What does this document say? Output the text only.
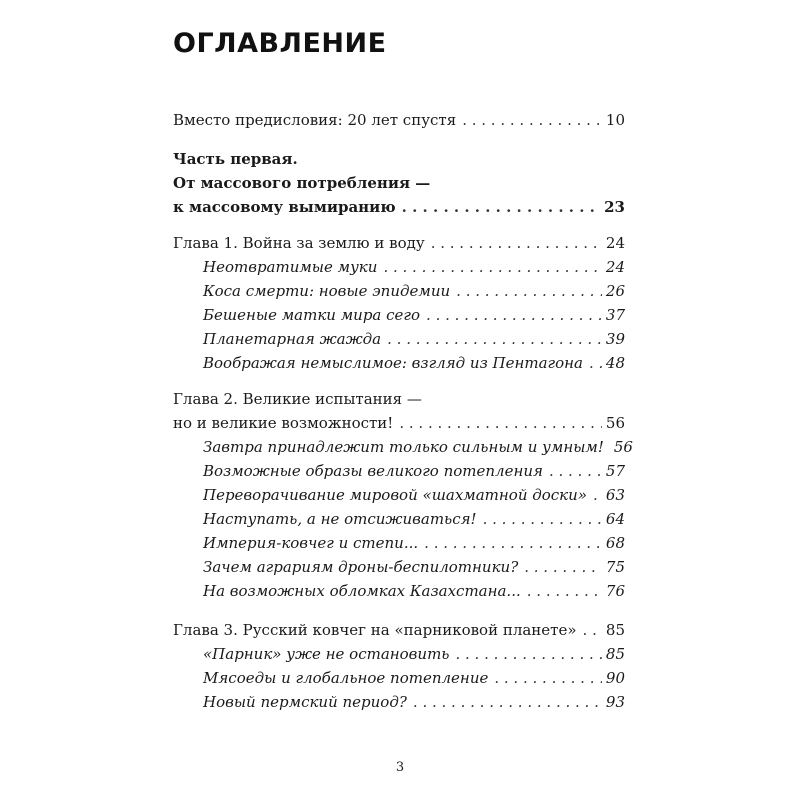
ОГЛАВЛЕНИЕ
Вместо предисловия: 20 лет спустя . . .	10
Часть первая.
От массового потребления —
к массовому вымиранию . . .	23
Глава 1. Война за землю и воду . . .	24
Неотвратимые муки . . .	24
Коса смерти: новые эпидемии . . .	26
Бешеные матки мира сего . . .	37
Планетарная жажда . . .	39
Воображая немыслимое: взгляд из Пентагона . . . 48
Глава 2. Великие испытания —
но и великие возможности! . . .	56
Завтра принадлежит только сильным и умным! 56
Возможные образы великого потепления . . .	57
Переворачивание мировой «шахматной доски» . . . 63
Наступать, а не отсиживаться! . . .	64
Империя-ковчег и степи... . . .	68
Зачем аграриям дроны-беспилотники? . . .	75
На возможных обломках Казахстана... . . .	76
Глава 3. Русский ковчег на «парниковой планете» . . . 85
«Парник» уже не остановить . . .	85
Мясоеды и глобальное потепление . . .	90
Новый пермский период? . . .	93
3
